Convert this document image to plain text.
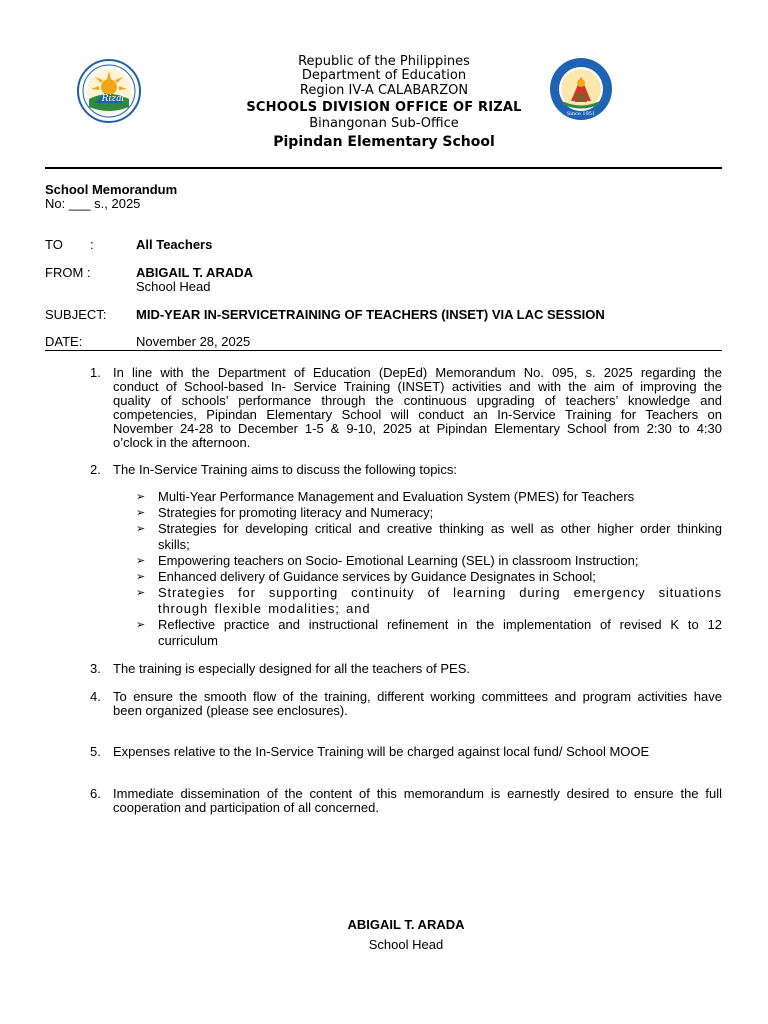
Rizal
Since 1951
Republic of the Philippines
Department of Education
Region IV-A CALABARZON
SCHOOLS DIVISION OFFICE OF RIZAL
Binangonan Sub-Office
Pipindan Elementary School
School Memorandum
No: ___ s., 2025
TO :	All Teachers
FROM :	ABIGAIL T. ARADA
School Head
SUBJECT: MID-YEAR IN-SERVICETRAINING OF TEACHERS (INSET) VIA LAC SESSION
DATE:	November 28, 2025
1. In line with the Department of Education (DepEd) Memorandum No. 095, s. 2025 regarding the
conduct of School-based In- Service Training (INSET) activities and with the aim of improving the
quality of schools’ performance through the continuous upgrading of teachers’ knowledge and
competencies, Pipindan Elementary School will conduct an In-Service Training for Teachers on
November 24-28 to December 1-5 & 9-10, 2025 at Pipindan Elementary School from 2:30 to 4:30
o’clock in the afternoon.
2. The In-Service Training aims to discuss the following topics:
➢ Multi-Year Performance Management and Evaluation System (PMES) for Teachers
➢ Strategies for promoting literacy and Numeracy;
➢ Strategies for developing critical and creative thinking as well as other higher order thinking
skills;
➢ Empowering teachers on Socio- Emotional Learning (SEL) in classroom Instruction;
➢ Enhanced delivery of Guidance services by Guidance Designates in School;
➢ Strategies for supporting continuity of learning during emergency situations
through flexible modalities; and
➢ Reflective practice and instructional refinement in the implementation of revised K to 12
curriculum
3. The training is especially designed for all the teachers of PES.
4. To ensure the smooth flow of the training, different working committees and program activities have
been organized (please see enclosures).
5. Expenses relative to the In-Service Training will be charged against local fund/ School MOOE
6. Immediate dissemination of the content of this memorandum is earnestly desired to ensure the full
cooperation and participation of all concerned.
ABIGAIL T. ARADA
School Head
